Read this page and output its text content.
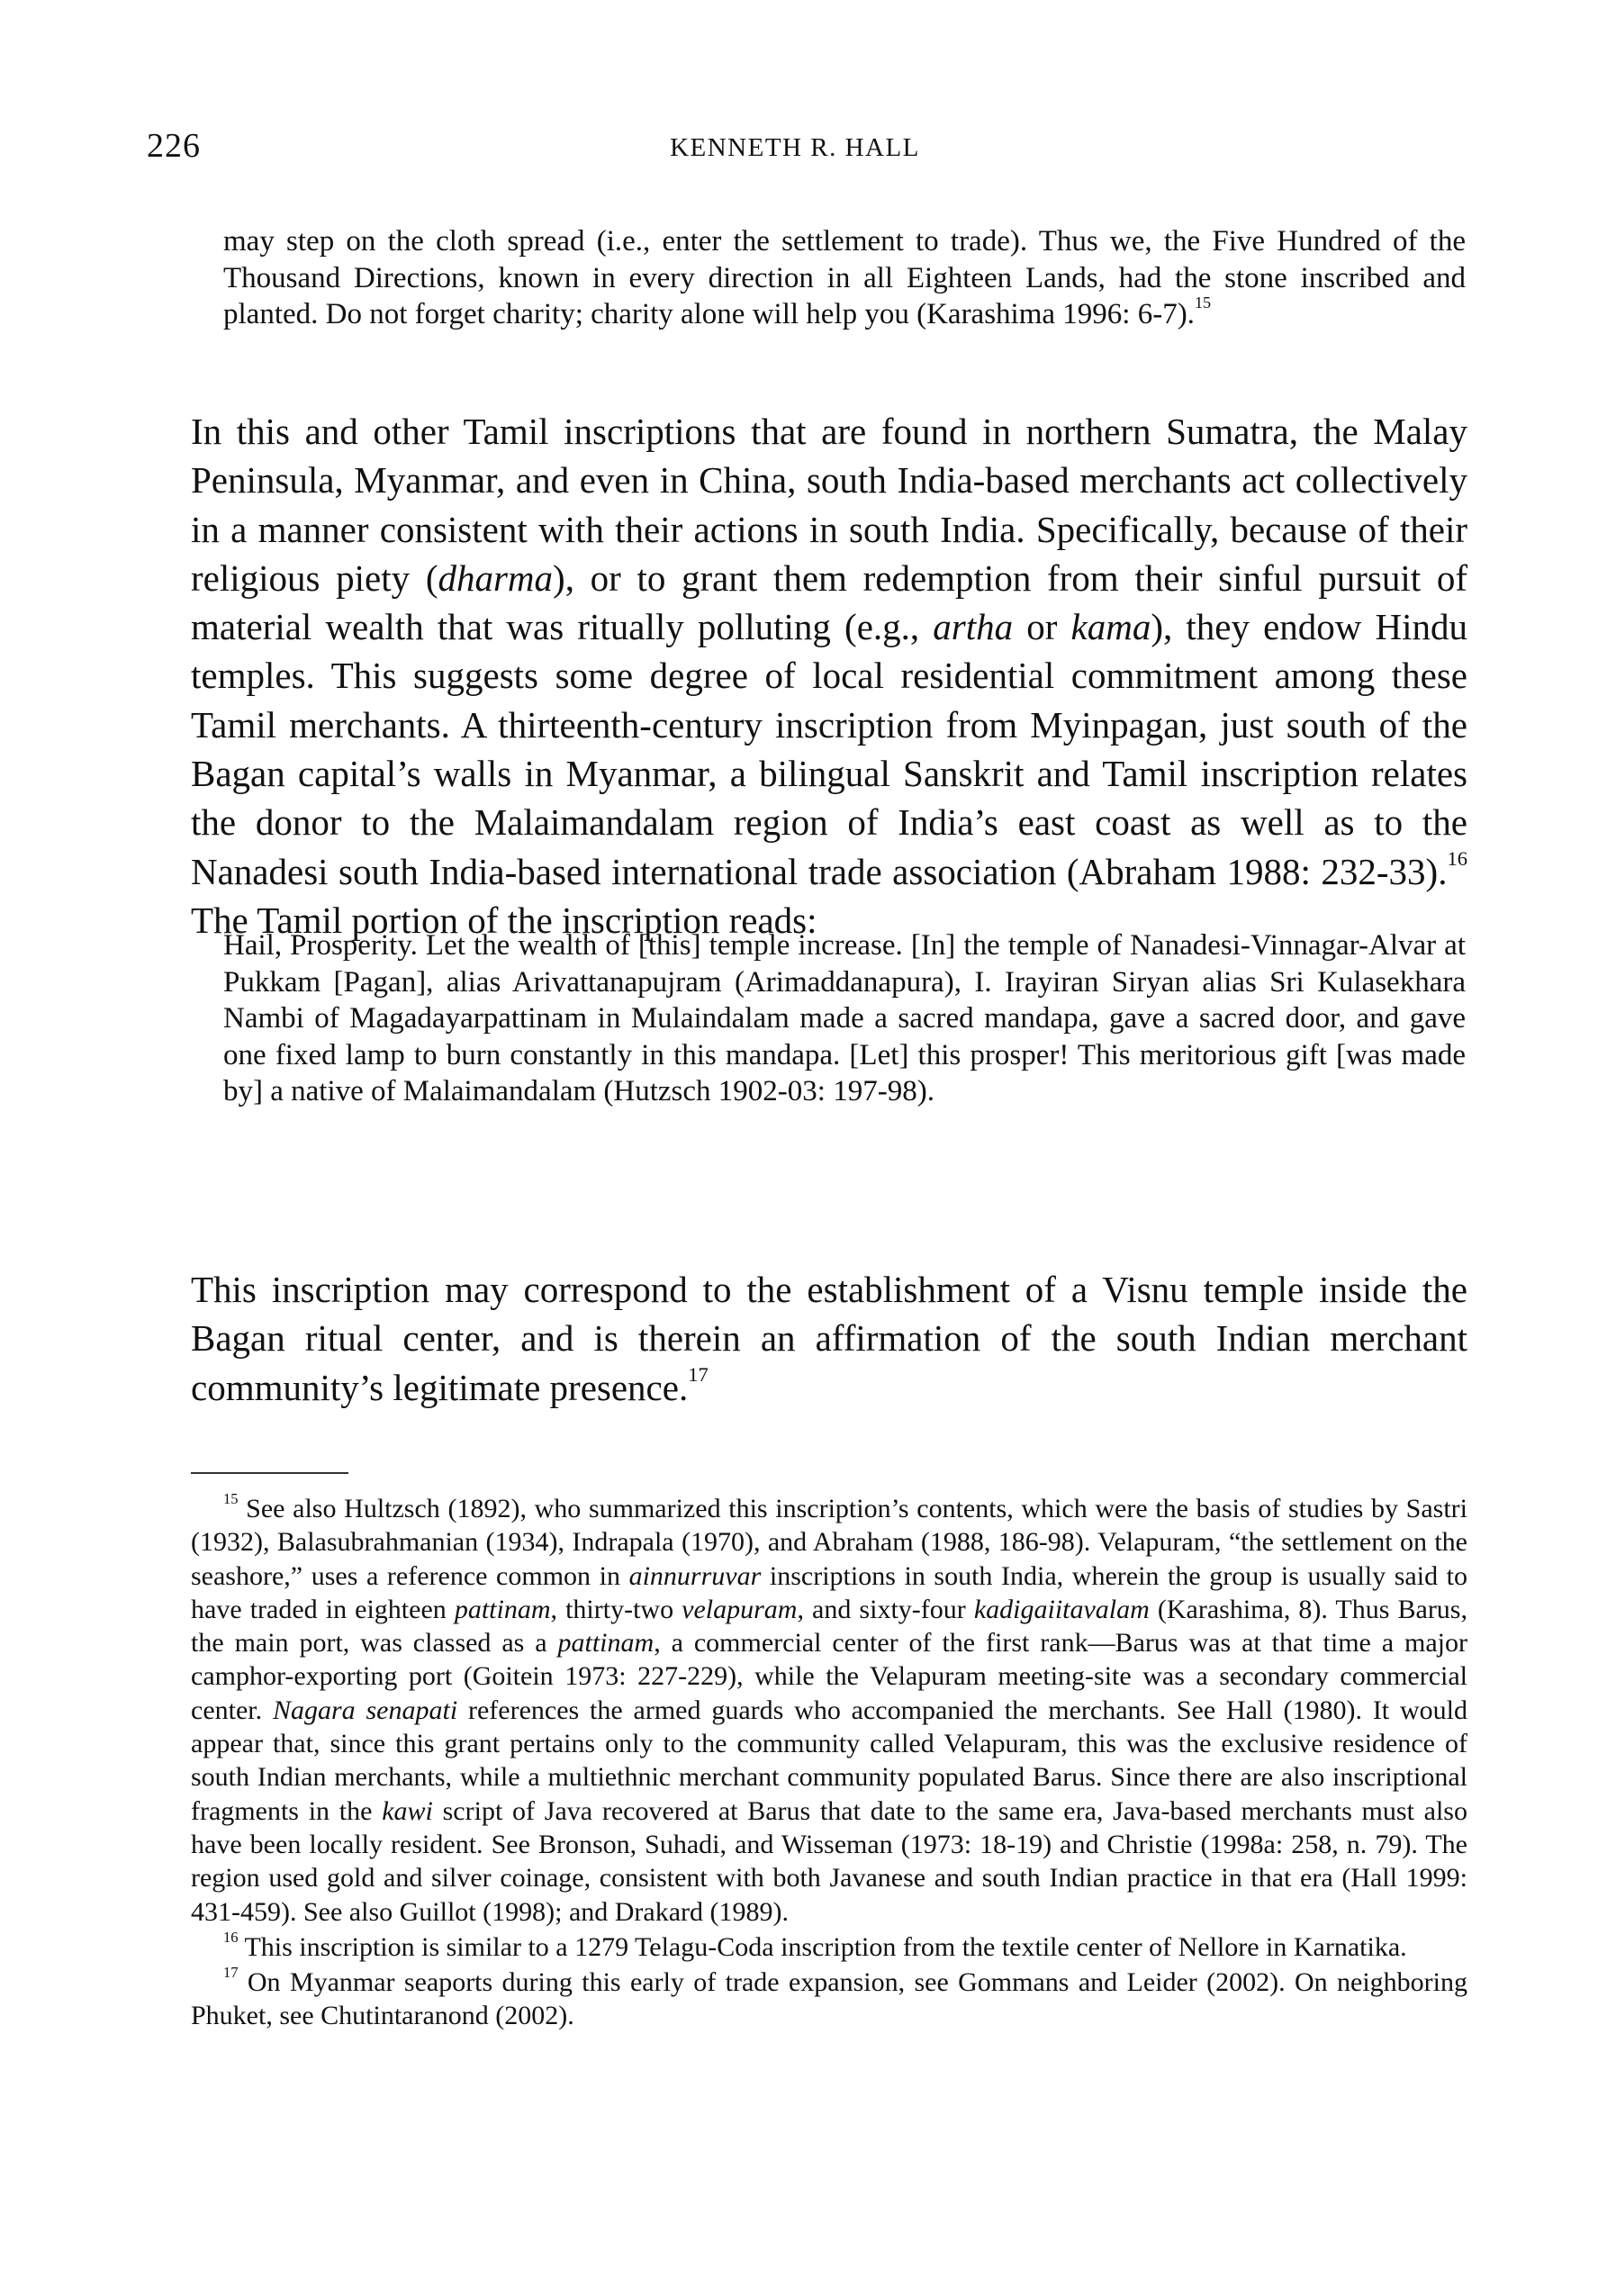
226	KENNETH R. HALL
may step on the cloth spread (i.e., enter the settlement to trade). Thus we, the Five Hundred of the Thousand Directions, known in every direction in all Eighteen Lands, had the stone inscribed and planted. Do not forget charity; charity alone will help you (Karashima 1996: 6-7).$^{15}$
In this and other Tamil inscriptions that are found in northern Sumatra, the Malay Peninsula, Myanmar, and even in China, south India-based merchants act collectively in a manner consistent with their actions in south India. Specifically, because of their religious piety (dharma), or to grant them redemption from their sinful pursuit of material wealth that was ritually polluting (e.g., artha or kama), they endow Hindu temples. This suggests some degree of local residential commitment among these Tamil merchants. A thirteenth-century inscription from Myinpagan, just south of the Bagan capital’s walls in Myanmar, a bilingual Sanskrit and Tamil inscription relates the donor to the Malaimandalam region of India’s east coast as well as to the Nanadesi south India-based international trade association (Abraham 1988: 232-33).$^{16}$ The Tamil portion of the inscription reads:
Hail, Prosperity. Let the wealth of [this] temple increase. [In] the temple of Nanadesi-Vinnagar-Alvar at Pukkam [Pagan], alias Arivattanapujram (Arimaddanapura), I. Irayiran Siryan alias Sri Kulasekhara Nambi of Magadayarpattinam in Mulaindalam made a sacred mandapa, gave a sacred door, and gave one fixed lamp to burn constantly in this mandapa. [Let] this prosper! This meritorious gift [was made by] a native of Malaimandalam (Hutzsch 1902-03: 197-98).
This inscription may correspond to the establishment of a Visnu temple inside the Bagan ritual center, and is therein an affirmation of the south Indian merchant community’s legitimate presence.$^{17}$

$^{15}$ See also Hultzsch (1892), who summarized this inscription’s contents, which were the basis of studies by Sastri (1932), Balasubrahmanian (1934), Indrapala (1970), and Abraham (1988, 186-98). Velapuram, “the settlement on the seashore,” uses a reference common in ainnurruvar inscriptions in south India, wherein the group is usually said to have traded in eighteen pattinam, thirty-two velapuram, and sixty-four kadigaiitavalam (Karashima, 8). Thus Barus, the main port, was classed as a pattinam, a commercial center of the first rank—Barus was at that time a major camphor-exporting port (Goitein 1973: 227-229), while the Velapuram meeting-site was a secondary commercial center. Nagara senapati references the armed guards who accompanied the merchants. See Hall (1980). It would appear that, since this grant pertains only to the community called Velapuram, this was the exclusive residence of south Indian merchants, while a multiethnic merchant community populated Barus. Since there are also inscriptional fragments in the kawi script of Java recovered at Barus that date to the same era, Java-based merchants must also have been locally resident. See Bronson, Suhadi, and Wisseman (1973: 18-19) and Christie (1998a: 258, n. 79). The region used gold and silver coinage, consistent with both Javanese and south Indian practice in that era (Hall 1999: 431-459). See also Guillot (1998); and Drakard (1989).

$^{16}$ This inscription is similar to a 1279 Telagu-Coda inscription from the textile center of Nellore in Karnatika.

$^{17}$ On Myanmar seaports during this early of trade expansion, see Gommans and Leider (2002). On neighboring Phuket, see Chutintaranond (2002).
